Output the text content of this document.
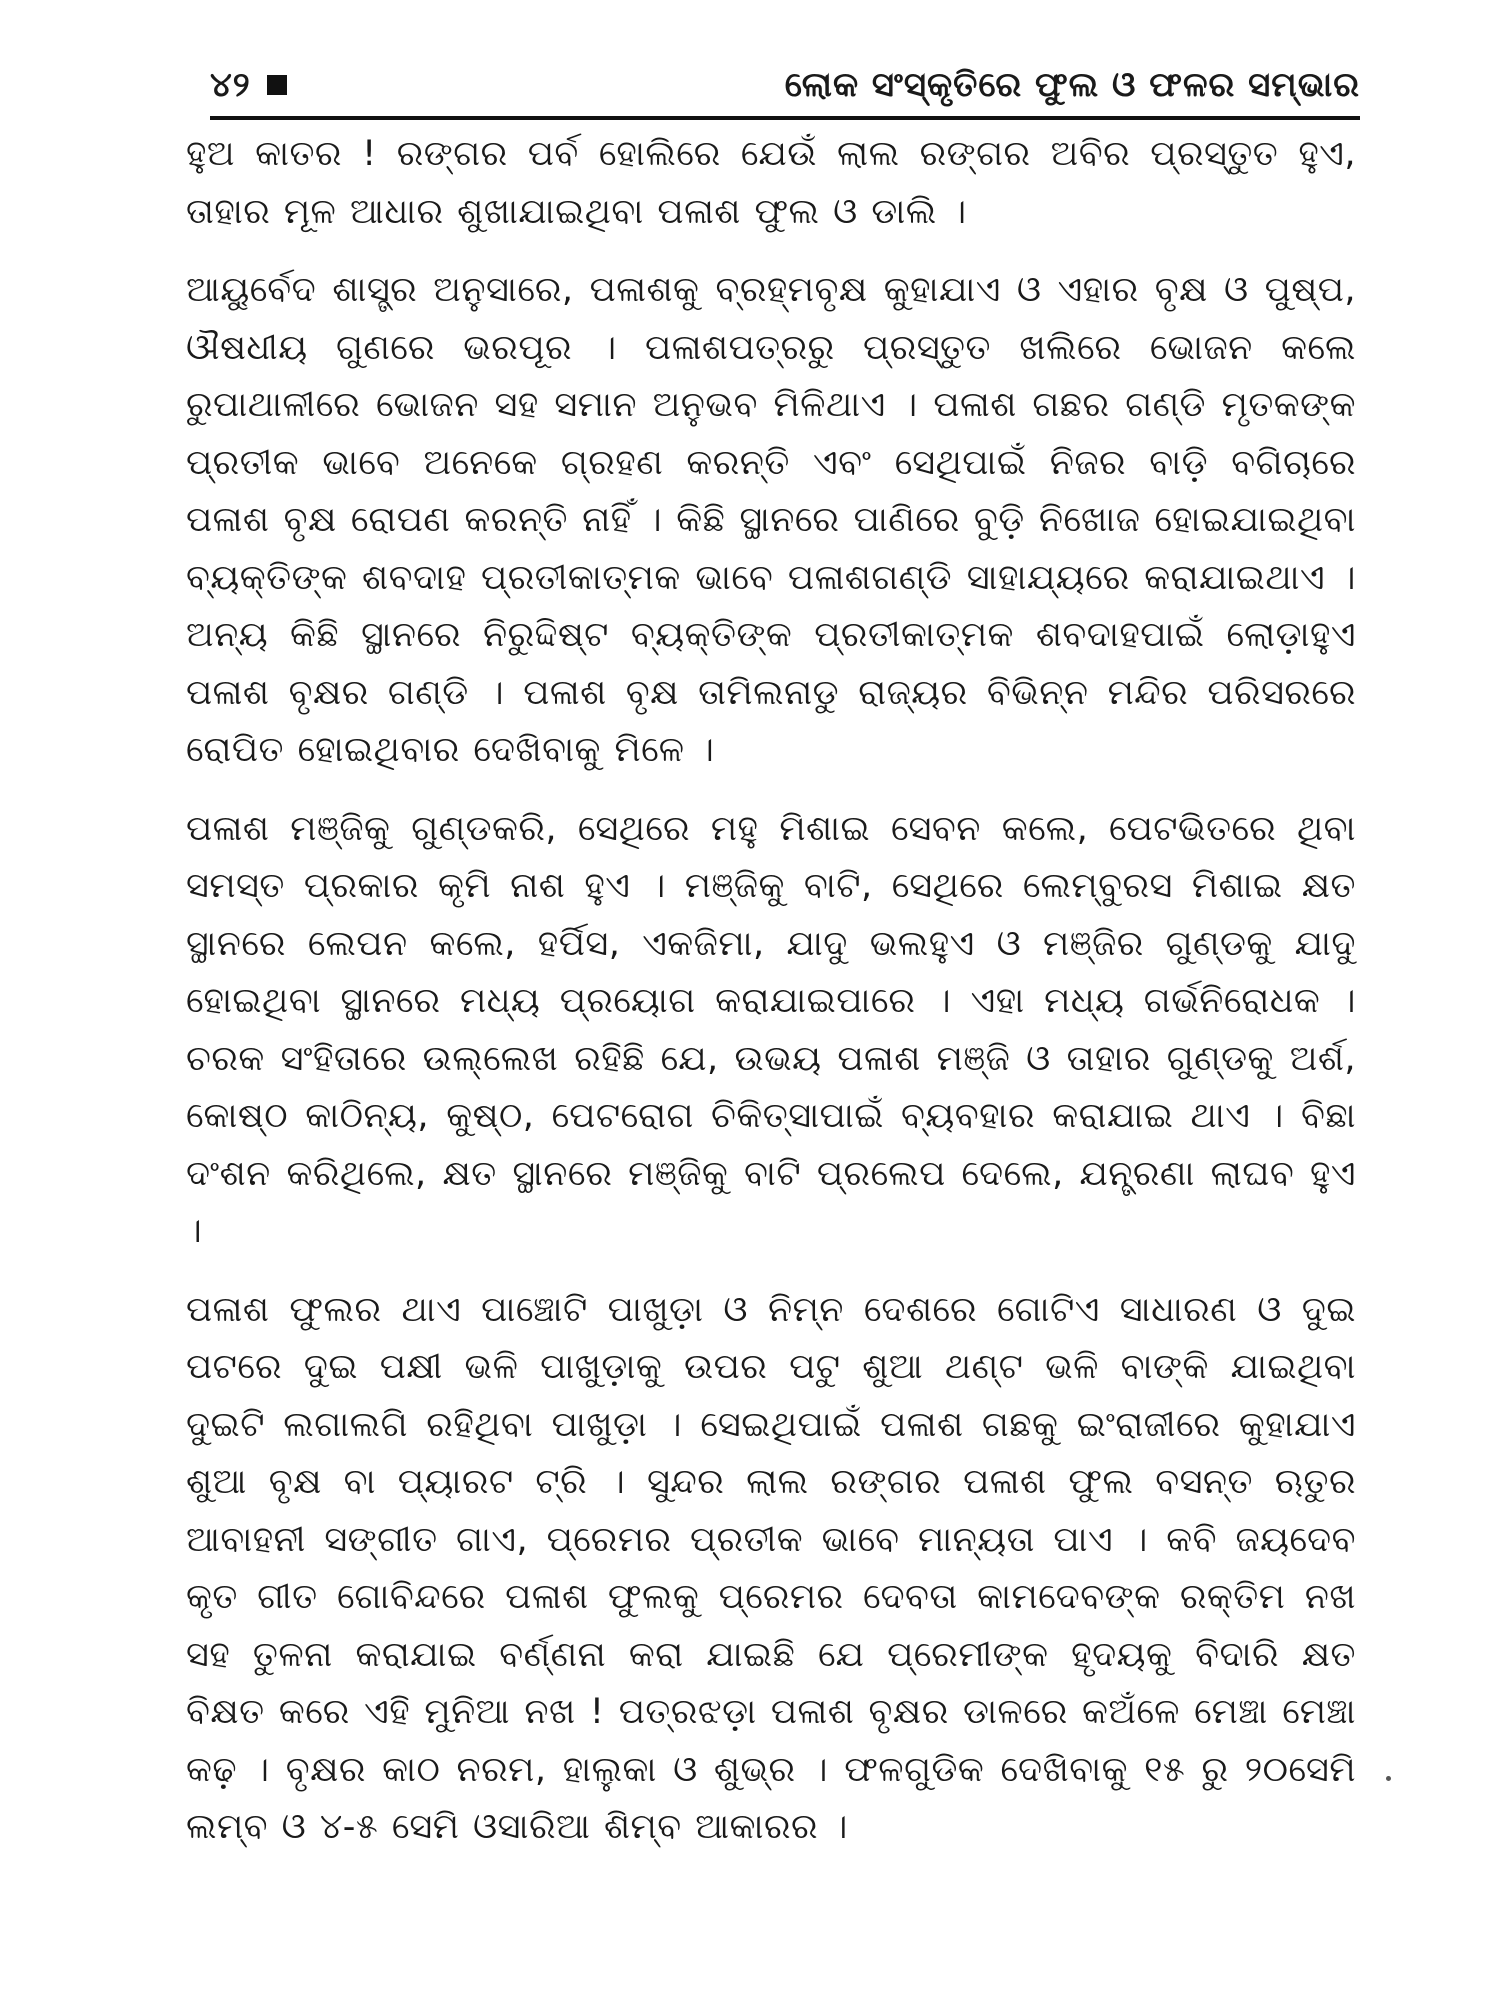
୪୨	ଲୋକ ସଂସ୍କୃତିରେ ଫୁଲ ଓ ଫଳର ସମ୍ଭାର

ହୁଅ କାତର ! ରଙ୍ଗର ପର୍ବ ହୋଲିରେ ଯେଉଁ ଲାଲ ରଙ୍ଗର ଅବିର ପ୍ରସ୍ତୁତ ହୁଏ, ତାହାର ମୂଳ ଆଧାର ଶୁଖାଯାଇଥିବା ପଳାଶ ଫୁଲ ଓ ଡାଲି ।

ଆୟୁର୍ବେଦ ଶାସ୍ତ୍ର ଅନୁସାରେ, ପଳାଶକୁ ବ୍ରହ୍ମବୃକ୍ଷ କୁହାଯାଏ ଓ ଏହାର ବୃକ୍ଷ ଓ ପୁଷ୍ପ, ଔଷଧୀୟ ଗୁଣରେ ଭରପୂର । ପଳାଶପତ୍ରରୁ ପ୍ରସ୍ତୁତ ଖଲିରେ ଭୋଜନ କଲେ ରୁପାଥାଳୀରେ ଭୋଜନ ସହ ସମାନ ଅନୁଭବ ମିଳିଥାଏ । ପଳାଶ ଗଛର ଗଣ୍ଡି ମୃତକଙ୍କ ପ୍ରତୀକ ଭାବେ ଅନେକେ ଗ୍ରହଣ କରନ୍ତି ଏବଂ ସେଥିପାଇଁ ନିଜର ବାଡ଼ି ବଗିଚାରେ ପଳାଶ ବୃକ୍ଷ ରୋପଣ କରନ୍ତି ନାହିଁ । କିଛି ସ୍ଥାନରେ ପାଣିରେ ବୁଡ଼ି ନିଖୋଜ ହୋଇଯାଇଥିବା ବ୍ୟକ୍ତିଙ୍କ ଶବଦାହ ପ୍ରତୀକାତ୍ମକ ଭାବେ ପଳାଶଗଣ୍ଡି ସାହାଯ୍ୟରେ କରାଯାଇଥାଏ । ଅନ୍ୟ କିଛି ସ୍ଥାନରେ ନିରୁଦ୍ଦିଷ୍ଟ ବ୍ୟକ୍ତିଙ୍କ ପ୍ରତୀକାତ୍ମକ ଶବଦାହପାଇଁ ଲୋଡ଼ାହୁଏ ପଳାଶ ବୃକ୍ଷର ଗଣ୍ଡି । ପଳାଶ ବୃକ୍ଷ ତାମିଲନାଡୁ ରାଜ୍ୟର ବିଭିନ୍ନ ମନ୍ଦିର ପରିସରରେ ରୋପିତ ହୋଇଥିବାର ଦେଖିବାକୁ ମିଳେ ।

ପଳାଶ ମଞ୍ଜିକୁ ଗୁଣ୍ଡକରି, ସେଥିରେ ମହୁ ମିଶାଇ ସେବନ କଲେ, ପେଟଭିତରେ ଥିବା ସମସ୍ତ ପ୍ରକାର କୃମି ନାଶ ହୁଏ । ମଞ୍ଜିକୁ ବାଟି, ସେଥିରେ ଲେମ୍ବୁରସ ମିଶାଇ କ୍ଷତ ସ୍ଥାନରେ ଲେପନ କଲେ, ହର୍ପିସ, ଏକଜିମା, ଯାଦୁ ଭଲହୁଏ ଓ ମଞ୍ଜିର ଗୁଣ୍ଡକୁ ଯାଦୁ ହୋଇଥିବା ସ୍ଥାନରେ ମଧ୍ୟ ପ୍ରୟୋଗ କରାଯାଇପାରେ । ଏହା ମଧ୍ୟ ଗର୍ଭନିରୋଧକ । ଚରକ ସଂହିତାରେ ଉଲ୍ଲେଖ ରହିଛି ଯେ, ଉଭୟ ପଳାଶ ମଞ୍ଜି ଓ ତାହାର ଗୁଣ୍ଡକୁ ଅର୍ଶ, କୋଷ୍ଠ କାଠିନ୍ୟ, କୁଷ୍ଠ, ପେଟରୋଗ ଚିକିତ୍ସାପାଇଁ ବ୍ୟବହାର କରାଯାଇ ଥାଏ । ବିଛା ଦଂଶନ କରିଥିଲେ, କ୍ଷତ ସ୍ଥାନରେ ମଞ୍ଜିକୁ ବାଟି ପ୍ରଲେପ ଦେଲେ, ଯନ୍ତ୍ରଣା ଲାଘବ ହୁଏ ।

ପଳାଶ ଫୁଲର ଥାଏ ପାଞ୍ଚୋଟି ପାଖୁଡ଼ା ଓ ନିମ୍ନ ଦେଶରେ ଗୋଟିଏ ସାଧାରଣ ଓ ଦୁଇ ପଟରେ ଦୁଇ ପକ୍ଷୀ ଭଳି ପାଖୁଡ଼ାକୁ ଉପର ପଟୁ ଶୁଆ ଥଣ୍ଟ ଭଳି ବାଙ୍କି ଯାଇଥିବା ଦୁଇଟି ଲଗାଲଗି ରହିଥିବା ପାଖୁଡ଼ା । ସେଇଥିପାଇଁ ପଳାଶ ଗଛକୁ ଇଂରାଜୀରେ କୁହାଯାଏ ଶୁଆ ବୃକ୍ଷ ବା ପ୍ୟାରଟ ଟ୍ରି । ସୁନ୍ଦର ଲାଲ ରଙ୍ଗର ପଳାଶ ଫୁଲ ବସନ୍ତ ଋତୁର ଆବାହନୀ ସଙ୍ଗୀତ ଗାଏ, ପ୍ରେମର ପ୍ରତୀକ ଭାବେ ମାନ୍ୟତା ପାଏ । କବି ଜୟଦେବ କୃତ ଗୀତ ଗୋବିନ୍ଦରେ ପଳାଶ ଫୁଲକୁ ପ୍ରେମର ଦେବତା କାମଦେବଙ୍କ ରକ୍ତିମ ନଖ ସହ ତୁଳନା କରାଯାଇ ବର୍ଣ୍ଣନା କରା ଯାଇଛି ଯେ ପ୍ରେମୀଙ୍କ ହୃଦୟକୁ ବିଦାରି କ୍ଷତ ବିକ୍ଷତ କରେ ଏହି ମୁନିଆ ନଖ ! ପତ୍ରଝଡ଼ା ପଳାଶ ବୃକ୍ଷର ଡାଳରେ କଅଁଳେ ମେଞ୍ଚା ମେଞ୍ଚା କଢ଼ । ବୃକ୍ଷର କାଠ ନରମ, ହାଲୁକା ଓ ଶୁଭ୍ର । ଫଳଗୁଡିକ ଦେଖିବାକୁ ୧୫ ରୁ ୨୦ସେମି ଲମ୍ବ ଓ ୪-୫ ସେମି ଓସାରିଆ ଶିମ୍ବ ଆକାରର ।
